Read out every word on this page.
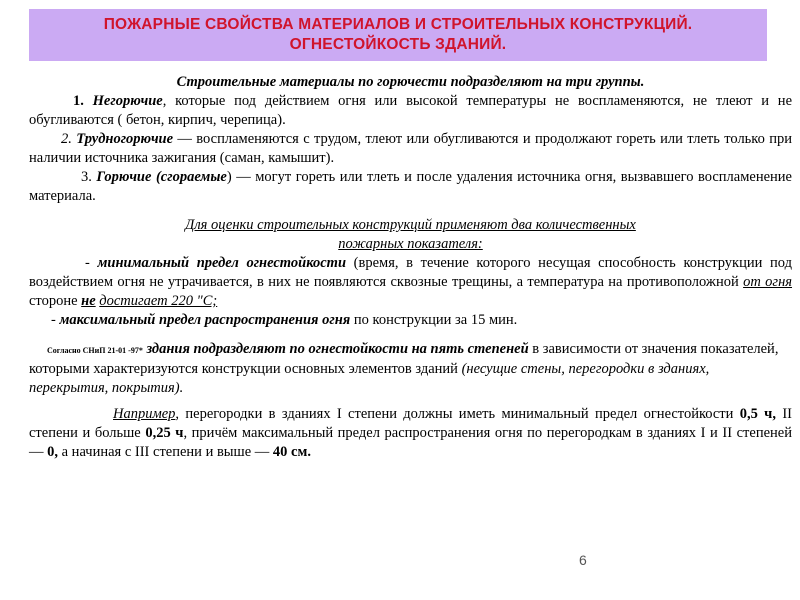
ПОЖАРНЫЕ СВОЙСТВА МАТЕРИАЛОВ И СТРОИТЕЛЬНЫХ КОНСТРУКЦИЙ.
ОГНЕСТОЙКОСТЬ ЗДАНИЙ.

Строительные материалы по горючести подразделяют на три группы.

1. Негорючие, которые под действием огня или высокой температуры не воспламеняются, не тлеют и не обугливаются ( бетон, кирпич, черепица).

2. Трудногорючие — воспламеняются с трудом, тлеют или обугливаются и продолжают гореть или тлеть только при наличии источника зажигания (саман, камышит).

3. Горючие (сгораемые) — могут гореть или тлеть и после удаления источника огня, вызвавшего воспламенение материала.

Для оценки строительных конструкций применяют два количественных

пожарных показателя:

- минимальный предел огнестойкости (время, в течение которого несущая способность конструкции под воздействием огня не утрачивается, в них не появляются сквозные трещины, а температура на противоположной от огня стороне не достигает 220 "С;

- максимальный предел распространения огня по конструкции за 15 мин.

Согласно СНиП 21-01 -97* здания подразделяют по огнестойкости на пять степеней в зависимости от значения показателей, которыми характеризуются конструкции основных элементов зданий (несущие стены, перегородки в зданиях, перекрытия, покрытия).

Например, перегородки в зданиях I степени должны иметь минимальный предел огнестойкости 0,5 ч, II степени и больше 0,25 ч, причём максимальный предел распространения огня по перегородкам в зданиях I и II степеней — 0, а начиная с III степени и выше — 40 см.

6
